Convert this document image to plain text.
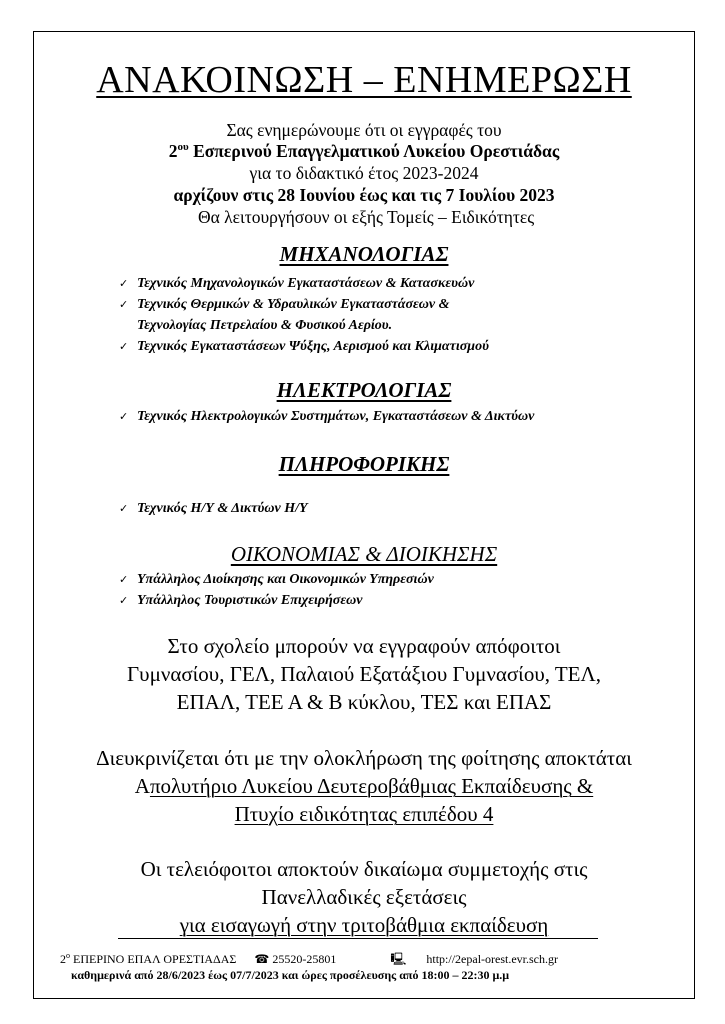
ΑΝΑΚΟΙΝΩΣΗ – ΕΝΗΜΕΡΩΣΗ
Σας ενημερώνουμε ότι οι εγγραφές του
$2^{o\upsilon}$ Εσπερινού Επαγγελματικού Λυκείου Ορεστιάδας
για το διδακτικό έτος 2023-2024
αρχίζουν στις 28 Ιουνίου έως και τις 7 Ιουλίου 2023
Θα λειτουργήσουν οι εξής Τομείς – Ειδικότητες
ΜΗΧΑΝΟΛΟΓΙΑΣ
✓ Τεχνικός Μηχανολογικών Εγκαταστάσεων & Κατασκευών
✓ Τεχνικός Θερμικών & Υδραυλικών Εγκαταστάσεων &
Τεχνολογίας Πετρελαίου & Φυσικού Αερίου.
✓ Τεχνικός Εγκαταστάσεων Ψύξης, Αερισμού και Κλιματισμού
ΗΛΕΚΤΡΟΛΟΓΙΑΣ
✓ Τεχνικός Ηλεκτρολογικών Συστημάτων, Εγκαταστάσεων & Δικτύων
ΠΛΗΡΟΦΟΡΙΚΗΣ
✓ Τεχνικός Η/Υ & Δικτύων Η/Υ
ΟΙΚΟΝΟΜΙΑΣ & ΔΙΟΙΚΗΣΗΣ
✓ Υπάλληλος Διοίκησης και Οικονομικών Υπηρεσιών
✓ Υπάλληλος Τουριστικών Επιχειρήσεων
Στο σχολείο μπορούν να εγγραφούν απόφοιτοι
Γυμνασίου, ΓΕΛ, Παλαιού Εξατάξιου Γυμνασίου, ΤΕΛ,
ΕΠΑΛ, ΤΕΕ Α & Β κύκλου, ΤΕΣ και ΕΠΑΣ
Διευκρινίζεται ότι με την ολοκλήρωση της φοίτησης αποκτάται
Απολυτήριο Λυκείου Δευτεροβάθμιας Εκπαίδευσης &
Πτυχίο ειδικότητας επιπέδου 4
Οι τελειόφοιτοι αποκτούν δικαίωμα συμμετοχής στις
Πανελλαδικές εξετάσεις
για εισαγωγή στην τριτοβάθμια εκπαίδευση
$2^o$ ΕΠΕΡΙΝΟ ΕΠΑΛ ΟΡΕΣΤΙΑΔΑΣ ☎ 25520-25801	🖳 http://2epal-orest.evr.sch.gr
καθημερινά από 28/6/2023 έως 07/7/2023 και ώρες προσέλευσης από 18:00 – 22:30 μ.μ
